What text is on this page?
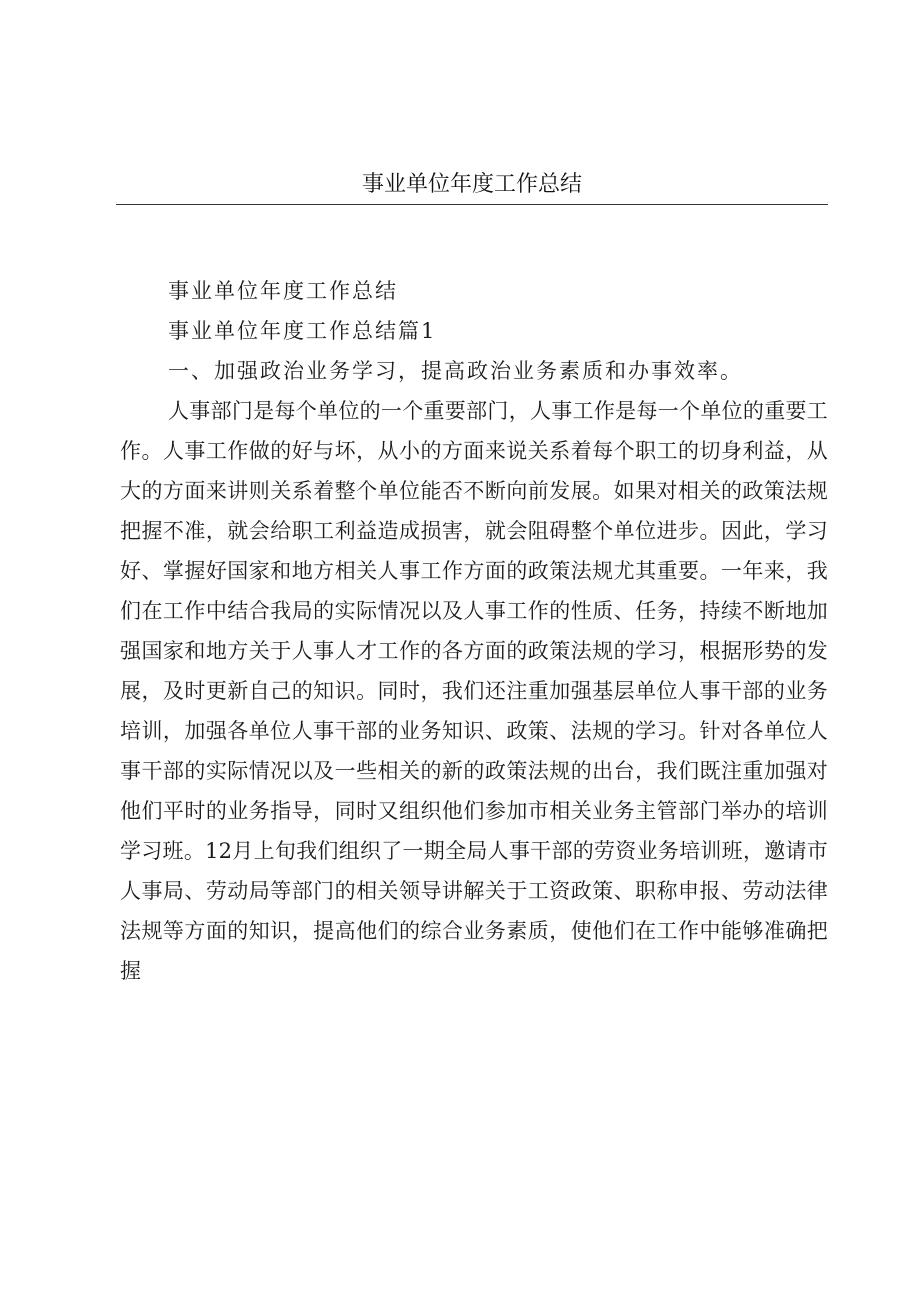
事业单位年度工作总结

事业单位年度工作总结

事业单位年度工作总结篇1

一、加强政治业务学习，提高政治业务素质和办事效率。

人事部门是每个单位的一个重要部门，人事工作是每一个单位的重要工作。人事工作做的好与坏，从小的方面来说关系着每个职工的切身利益，从大的方面来讲则关系着整个单位能否不断向前发展。如果对相关的政策法规把握不准，就会给职工利益造成损害，就会阻碍整个单位进步。因此，学习好、掌握好国家和地方相关人事工作方面的政策法规尤其重要。一年来，我们在工作中结合我局的实际情况以及人事工作的性质、任务，持续不断地加强国家和地方关于人事人才工作的各方面的政策法规的学习，根据形势的发展，及时更新自己的知识。同时，我们还注重加强基层单位人事干部的业务培训，加强各单位人事干部的业务知识、政策、法规的学习。针对各单位人事干部的实际情况以及一些相关的新的政策法规的出台，我们既注重加强对他们平时的业务指导，同时又组织他们参加市相关业务主管部门举办的培训学习班。12月上旬我们组织了一期全局人事干部的劳资业务培训班，邀请市人事局、劳动局等部门的相关领导讲解关于工资政策、职称申报、劳动法律法规等方面的知识，提高他们的综合业务素质，使他们在工作中能够准确把握
